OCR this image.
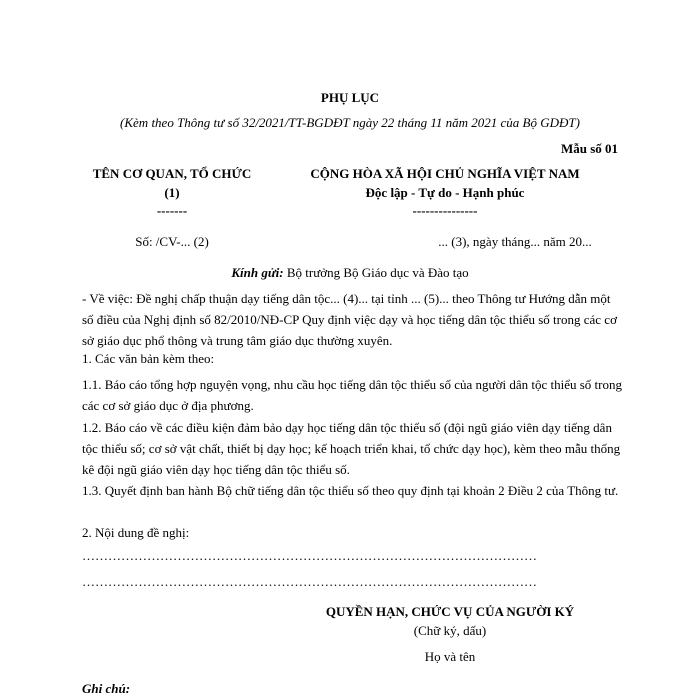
PHỤ LỤC
(Kèm theo Thông tư số 32/2021/TT-BGDĐT ngày 22 tháng 11 năm 2021 của Bộ GDĐT)
Mẫu số 01
TÊN CƠ QUAN, TỔ CHỨC
(1)
-------
Số: /CV-... (2)
CỘNG HÒA XÃ HỘI CHỦ NGHĨA VIỆT NAM
Độc lập - Tự do - Hạnh phúc
---------------
... (3), ngày tháng... năm 20...
Kính gửi: Bộ trưởng Bộ Giáo dục và Đào tạo
- Về việc: Đề nghị chấp thuận dạy tiếng dân tộc... (4)... tại tỉnh ... (5)... theo Thông tư Hướng dẫn một số điều của Nghị định số 82/2010/NĐ-CP Quy định việc dạy và học tiếng dân tộc thiểu số trong các cơ sở giáo dục phổ thông và trung tâm giáo dục thường xuyên.
1. Các văn bản kèm theo:
1.1. Báo cáo tổng hợp nguyện vọng, nhu cầu học tiếng dân tộc thiểu số của người dân tộc thiểu số trong các cơ sở giáo dục ở địa phương.
1.2. Báo cáo về các điều kiện đảm bảo dạy học tiếng dân tộc thiểu số (đội ngũ giáo viên dạy tiếng dân tộc thiểu số; cơ sở vật chất, thiết bị dạy học; kế hoạch triển khai, tổ chức dạy học), kèm theo mẫu thống kê đội ngũ giáo viên dạy học tiếng dân tộc thiểu số.
1.3. Quyết định ban hành Bộ chữ tiếng dân tộc thiểu số theo quy định tại khoản 2 Điều 2 của Thông tư.
2. Nội dung đề nghị:
……………………………………………………………………………………………
……………………………………………………………………………………………
QUYỀN HẠN, CHỨC VỤ CỦA NGƯỜI KÝ
(Chữ ký, dấu)
Họ và tên
Ghi chú:
